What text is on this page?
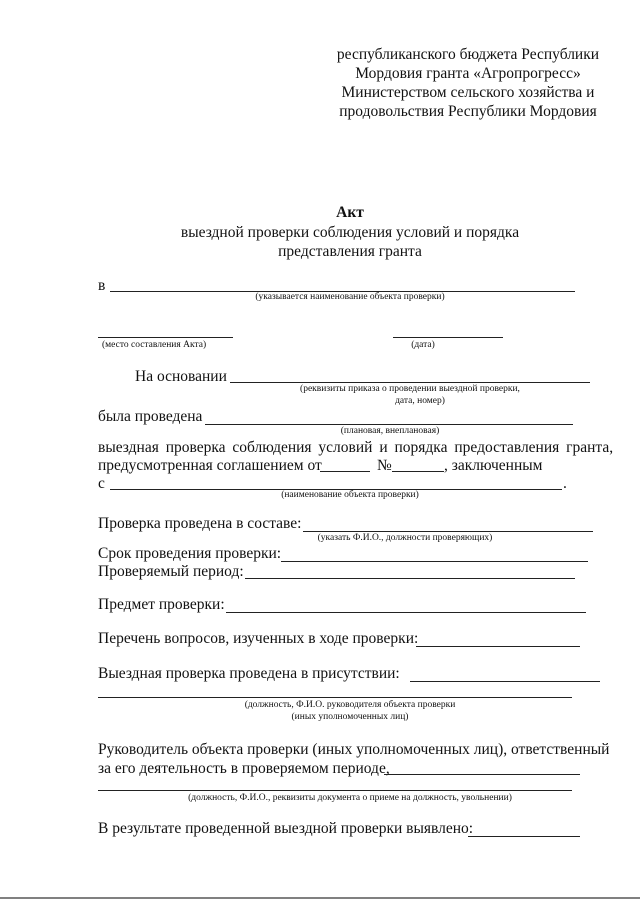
республиканского бюджета Республики
Мордовия гранта «Агропрогресс»
Министерством сельского хозяйства и
продовольствия Республики Мордовия
Акт
выездной проверки соблюдения условий и порядка
представления гранта
в
(указывается наименование объекта проверки)
(место составления Акта)	(дата)
На основании
(реквизиты приказа о проведении выездной проверки,
дата, номер)
была проведена
(плановая, внеплановая)
выездная проверка соблюдения условий и порядка предоставления гранта,
предусмотренная соглашением от	№	, заключенным
с	.
(наименование объекта проверки)
Проверка проведена в составе:
(указать Ф.И.О., должности проверяющих)
Срок проведения проверки:
Проверяемый период:
Предмет проверки:
Перечень вопросов, изученных в ходе проверки:
Выездная проверка проведена в присутствии:
(должность, Ф.И.О. руководителя объекта проверки
(иных уполномоченных лиц)
Руководитель объекта проверки (иных уполномоченных лиц), ответственный
за его деятельность в проверяемом периоде,
(должность, Ф.И.О., реквизиты документа о приеме на должность, увольнении)
В результате проведенной выездной проверки выявлено:
